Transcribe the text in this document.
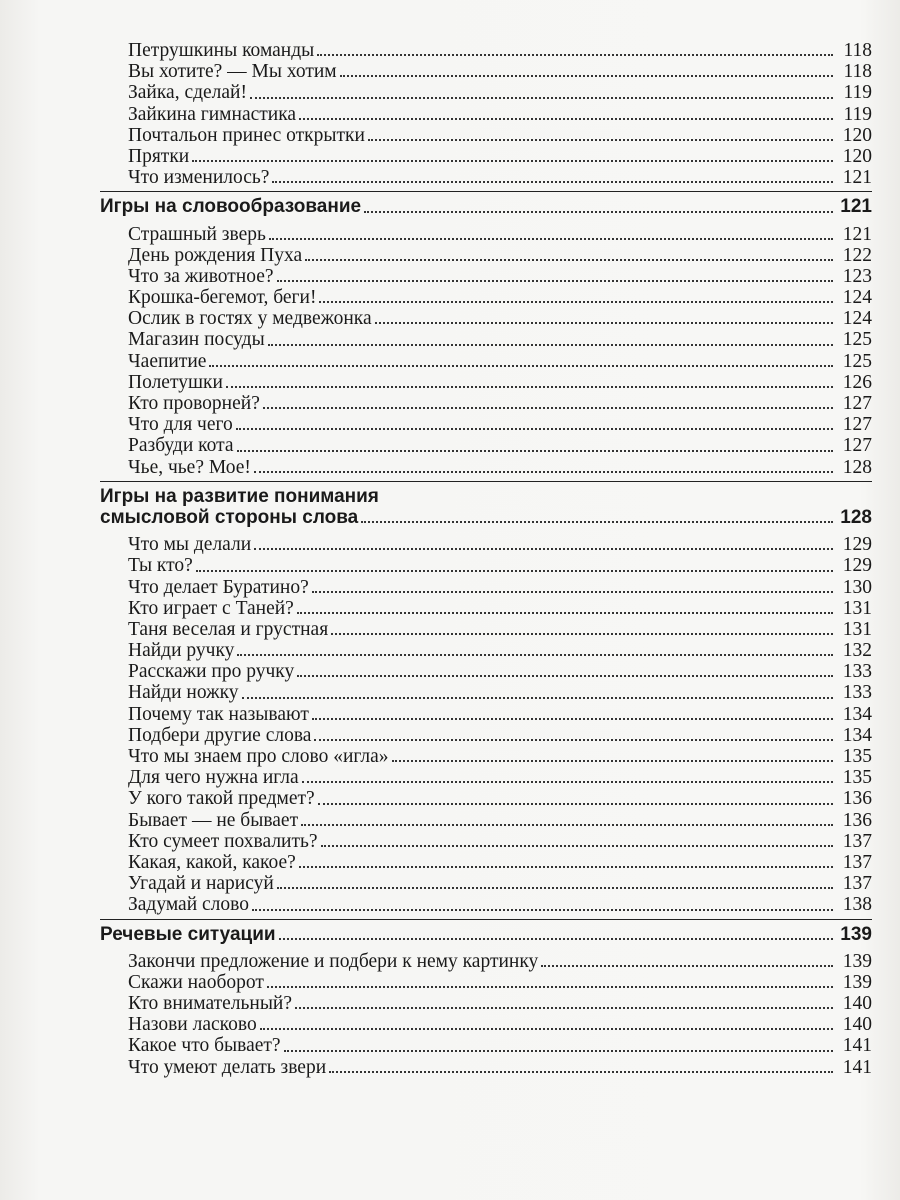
Петрушкины команды	118
Вы хотите? — Мы хотим	118
Зайка, сделай!	119
Зайкина гимнастика	119
Почтальон принес открытки	120
Прятки	120
Что изменилось?	121
Игры на словообразование	121
Страшный зверь	121
День рождения Пуха	122
Что за животное?	123
Крошка-бегемот, беги!	124
Ослик в гостях у медвежонка	124
Магазин посуды	125
Чаепитие	125
Полетушки	126
Кто проворней?	127
Что для чего	127
Разбуди кота	127
Чье, чье? Мое!	128
Игры на развитие понимания
смысловой стороны слова	128
Что мы делали	129
Ты кто?	129
Что делает Буратино?	130
Кто играет с Таней?	131
Таня веселая и грустная	131
Найди ручку	132
Расскажи про ручку	133
Найди ножку	133
Почему так называют	134
Подбери другие слова	134
Что мы знаем про слово «игла»	135
Для чего нужна игла	135
У кого такой предмет?	136
Бывает — не бывает	136
Кто сумеет похвалить?	137
Какая, какой, какое?	137
Угадай и нарисуй	137
Задумай слово	138
Речевые ситуации	139
Закончи предложение и подбери к нему картинку	139
Скажи наоборот	139
Кто внимательный?	140
Назови ласково	140
Какое что бывает?	141
Что умеют делать звери	141
